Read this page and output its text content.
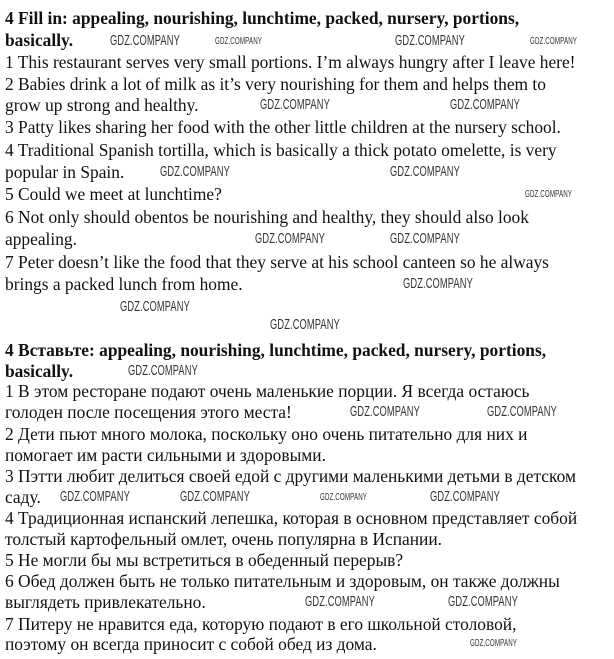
4 Fill in: appealing, nourishing, lunchtime, packed, nursery, portions,
basically.
1 This restaurant serves very small portions. I’m always hungry after I leave here!
2 Babies drink a lot of milk as it’s very nourishing for them and helps them to
grow up strong and healthy.
3 Patty likes sharing her food with the other little children at the nursery school.
4 Traditional Spanish tortilla, which is basically a thick potato omelette, is very
popular in Spain.
5 Could we meet at lunchtime?
6 Not only should obentos be nourishing and healthy, they should also look
appealing.
7 Peter doesn’t like the food that they serve at his school canteen so he always
brings a packed lunch from home.
4 Вставьте: appealing, nourishing, lunchtime, packed, nursery, portions,
basically.
1 В этом ресторане подают очень маленькие порции. Я всегда остаюсь
голоден после посещения этого места!
2 Дети пьют много молока, поскольку оно очень питательно для них и
помогает им расти сильными и здоровыми.
3 Пэтти любит делиться своей едой с другими маленькими детьми в детском
саду.
4 Традиционная испанский лепешка, которая в основном представляет собой
толстый картофельный омлет, очень популярна в Испании.
5 Не могли бы мы встретиться в обеденный перерыв?
6 Обед должен быть не только питательным и здоровым, он также должны
выглядеть привлекательно.
7 Питеру не нравится еда, которую подают в его школьной столовой,
поэтому он всегда приносит с собой обед из дома.
GDZ.COMPANY	GDZ.COMPANY	GDZ.COMPANY	GDZ.COMPANY
GDZ.COMPANY	GDZ.COMPANY
GDZ.COMPANY	GDZ.COMPANY
GDZ.COMPANY
GDZ.COMPANY	GDZ.COMPANY
GDZ.COMPANY
GDZ.COMPANY
GDZ.COMPANY
GDZ.COMPANY
GDZ.COMPANY	GDZ.COMPANY
GDZ.COMPANY	GDZ.COMPANY	GDZ.COMPANY	GDZ.COMPANY
GDZ.COMPANY	GDZ.COMPANY
GDZ.COMPANY
